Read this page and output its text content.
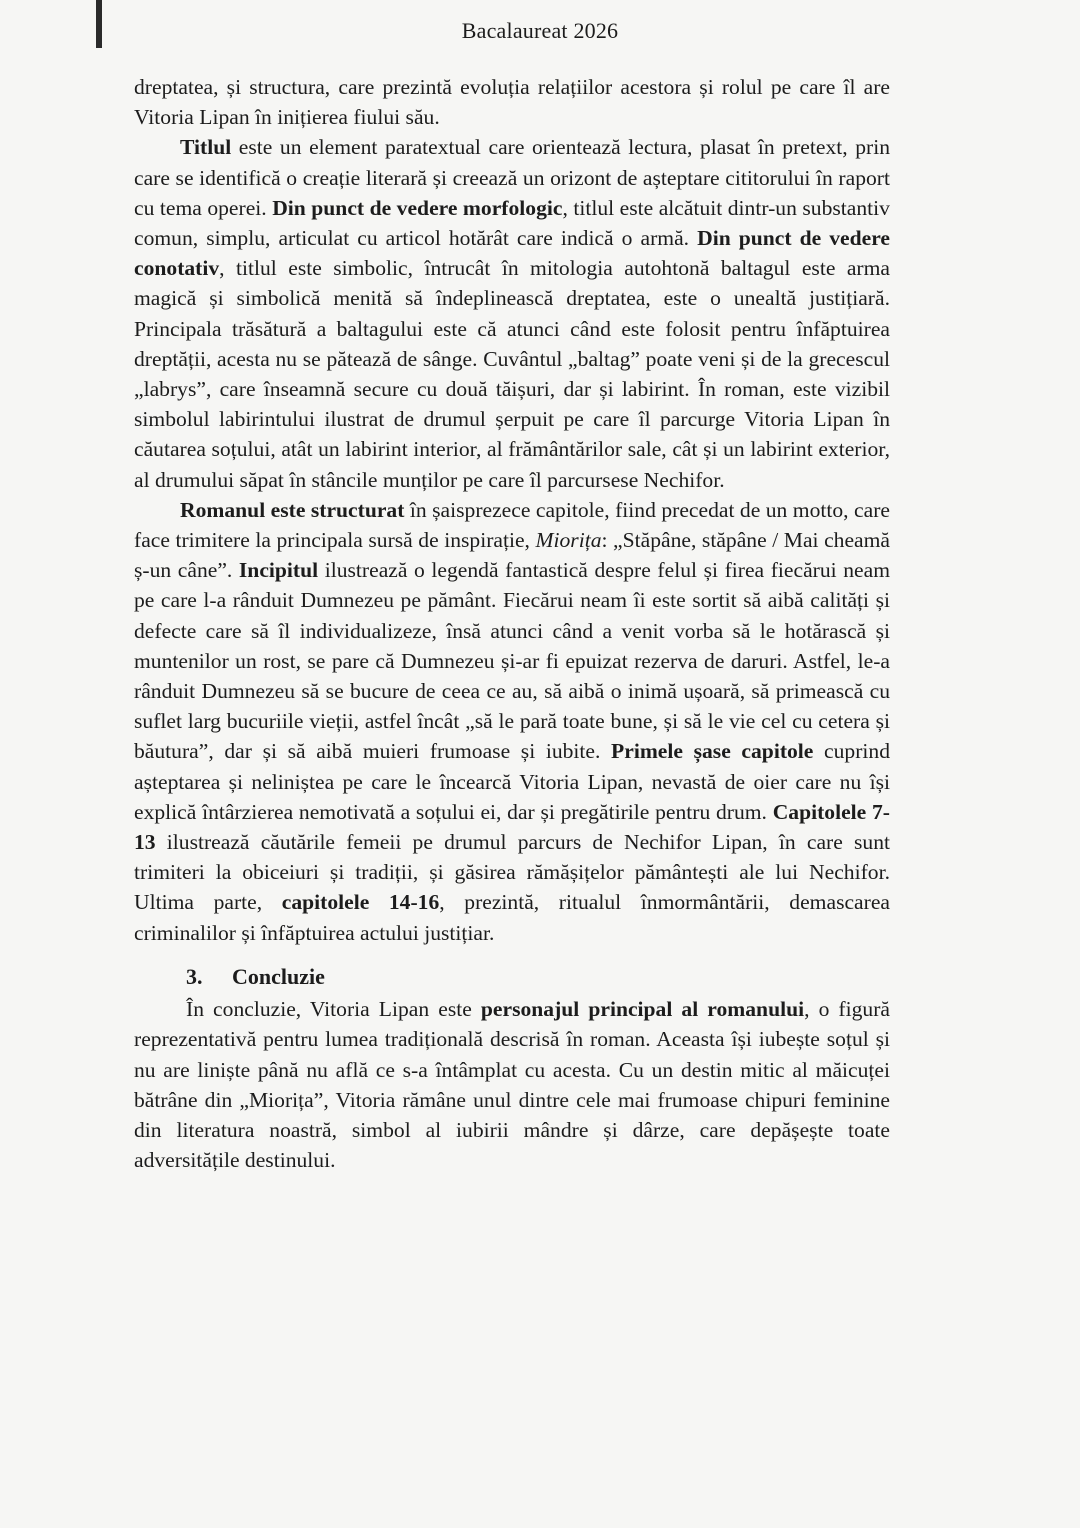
Bacalaureat 2026

dreptatea, și structura, care prezintă evoluția relațiilor acestora și rolul pe care îl are Vitoria Lipan în inițierea fiului său.

Titlul este un element paratextual care orientează lectura, plasat în pretext, prin care se identifică o creație literară și creează un orizont de așteptare cititorului în raport cu tema operei. Din punct de vedere morfologic, titlul este alcătuit dintr-un substantiv comun, simplu, articulat cu articol hotărât care indică o armă. Din punct de vedere conotativ, titlul este simbolic, întrucât în mitologia autohtonă baltagul este arma magică și simbolică menită să îndeplinească dreptatea, este o unealtă justițiară. Principala trăsătură a baltagului este că atunci când este folosit pentru înfăptuirea dreptății, acesta nu se pătează de sânge. Cuvântul „baltag” poate veni și de la grecescul „labrys”, care înseamnă secure cu două tăișuri, dar și labirint. În roman, este vizibil simbolul labirintului ilustrat de drumul șerpuit pe care îl parcurge Vitoria Lipan în căutarea soțului, atât un labirint interior, al frământărilor sale, cât și un labirint exterior, al drumului săpat în stâncile munților pe care îl parcursese Nechifor.

Romanul este structurat în șaisprezece capitole, fiind precedat de un motto, care face trimitere la principala sursă de inspirație, Miorița: „Stăpâne, stăpâne / Mai cheamă ș-un câne”. Incipitul ilustrează o legendă fantastică despre felul și firea fiecărui neam pe care l-a rânduit Dumnezeu pe pământ. Fiecărui neam îi este sortit să aibă calități și defecte care să îl individualizeze, însă atunci când a venit vorba să le hotărască și muntenilor un rost, se pare că Dumnezeu și-ar fi epuizat rezerva de daruri. Astfel, le-a rânduit Dumnezeu să se bucure de ceea ce au, să aibă o inimă ușoară, să primească cu suflet larg bucuriile vieții, astfel încât „să le pară toate bune, și să le vie cel cu cetera și băutura”, dar și să aibă muieri frumoase și iubite. Primele șase capitole cuprind așteptarea și neliniștea pe care le încearcă Vitoria Lipan, nevastă de oier care nu își explică întârzierea nemotivată a soțului ei, dar și pregătirile pentru drum. Capitolele 7-13 ilustrează căutările femeii pe drumul parcurs de Nechifor Lipan, în care sunt trimiteri la obiceiuri și tradiții, și găsirea rămășițelor pământești ale lui Nechifor. Ultima parte, capitolele 14-16, prezintă, ritualul înmormântării, demascarea criminalilor și înfăptuirea actului justițiar.

3. Concluzie

În concluzie, Vitoria Lipan este personajul principal al romanului, o figură reprezentativă pentru lumea tradițională descrisă în roman. Aceasta își iubește soțul și nu are liniște până nu află ce s-a întâmplat cu acesta. Cu un destin mitic al măicuței bătrâne din „Miorița”, Vitoria rămâne unul dintre cele mai frumoase chipuri feminine din literatura noastră, simbol al iubirii mândre și dârze, care depășește toate adversitățile destinului.
